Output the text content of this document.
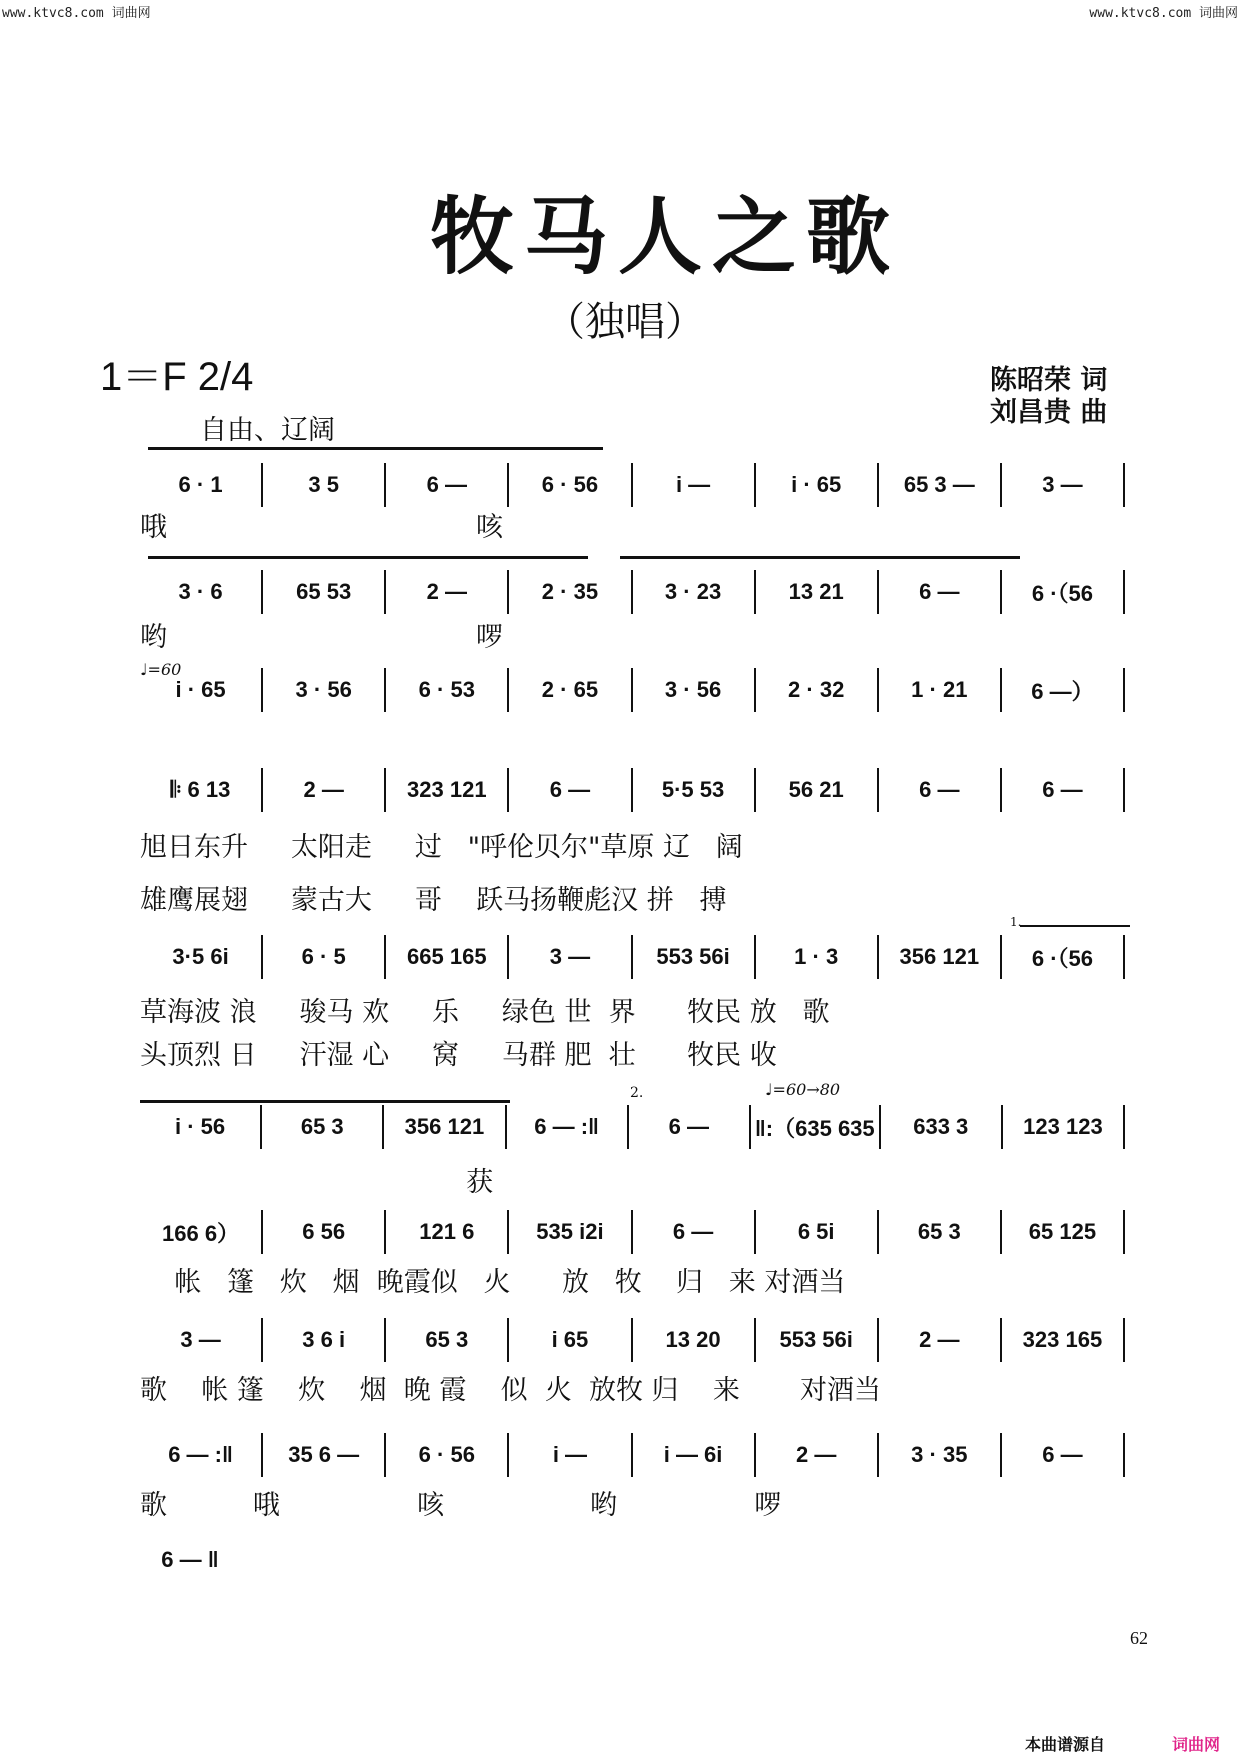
www.ktvc8.com 词曲网	www.ktvc8.com 词曲网
牧马人之歌
（独唱）
1＝F 2/4	陈昭荣 词
刘昌贵 曲
自由、辽阔
♩=60
1.
2.	♩=60→80
6 · 1	3 5	6 —	6 · 56	i —	i · 65	65 3 —	3 —
哦                                    咳
3 · 6	65 53	2 —	2 · 35	3 · 23	13 21	6 —	6 ·（56
哟                                    啰
i · 65	3 · 56	6 · 53	2 · 65	3 · 56	2 · 32	1 · 21	6 —）
𝄆 6 13	2 —	323 121	6 —	5·5 53	56 21	6 —	6 —
旭日东升     太阳走     过   "呼伦贝尔"草原 辽   阔
雄鹰展翅     蒙古大     哥    跃马扬鞭彪汉 拼   搏
3·5 6i	6 · 5	665 165	3 —	553 56i	1 · 3	356 121	6 ·（56
草海波 浪     骏马 欢     乐     绿色 世  界      牧民 放   歌
头顶烈 日     汗湿 心     窝     马群 肥  壮      牧民 收
i · 56	65 3	356 121	6 — :‖	6 —	‖:（635 635	633 3	123 123
获
166 6）	6 56	121 6	535 i2i	6 —	6 5i	65 3	65 125
帐   篷   炊   烟  晚霞似   火      放   牧    归   来 对酒当
3 —	3 6 i	65 3	i 65	13 20	553 56i	2 —	323 165
歌    帐 篷    炊    烟  晚 霞    似  火  放牧 归    来       对酒当
6 — :‖	35 6 —	6 · 56	i —	i — 6i	2 —	3 · 35	6 —
歌          哦                咳                 哟                啰
6 — ‖
62
本曲谱源自	词曲网
